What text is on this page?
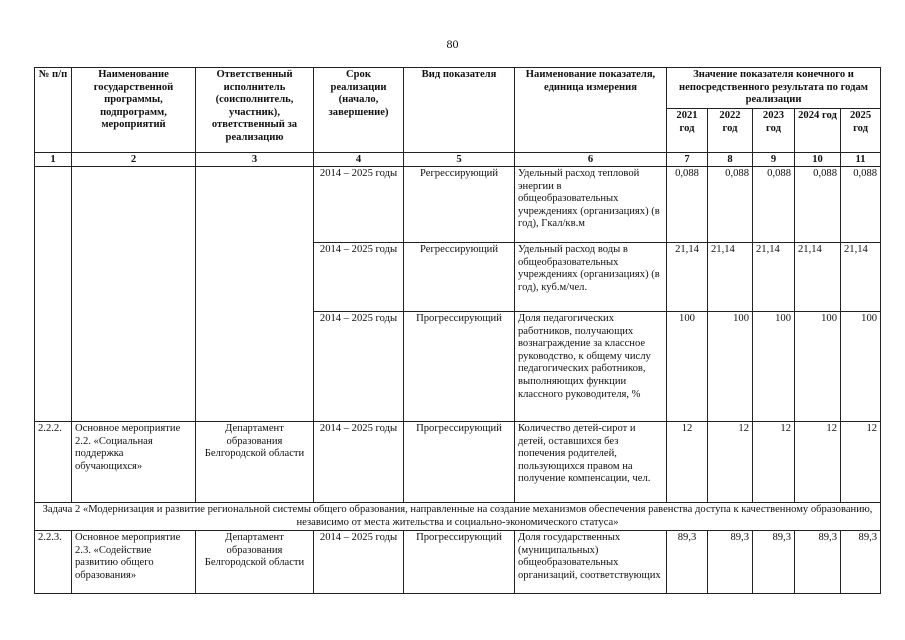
80
№ п/п	Наименование государственной программы, подпрограмм, мероприятий	Ответственный исполнитель (соисполнитель, участник), ответственный за реализацию	Срок реализации (начало, завершение)	Вид показателя	Наименование показателя, единица измерения	Значение показателя конечного и непосредственного результата по годам реализации				
						2021 год	2022 год	2023 год	2024 год	2025 год
1	2	3	4	5	6	7	8	9	10	11
			2014 – 2025 годы	Регрессирующий	Удельный расход тепловой энергии в общеобразовательных учреждениях (организациях) (в год), Гкал/кв.м	0,088	0,088	0,088	0,088	0,088
			2014 – 2025 годы	Регрессирующий	Удельный расход воды в общеобразовательных учреждениях (организациях) (в год), куб.м/чел.	21,14	21,14	21,14	21,14	21,14
			2014 – 2025 годы	Прогрессирующий	Доля педагогических работников, получающих вознаграждение за классное руководство, к общему числу педагогических работников, выполняющих функции классного руководителя, %	100	100	100	100	100
2.2.2.	Основное мероприятие 2.2. «Социальная поддержка обучающихся»	Департамент образования Белгородской области	2014 – 2025 годы	Прогрессирующий	Количество детей-сирот и детей, оставшихся без попечения родителей, пользующихся правом на получение компенсации, чел.	12	12	12	12	12
Задача 2 «Модернизация и развитие региональной системы общего образования, направленные на создание механизмов обеспечения равенства доступа к качественному образованию, независимо от места жительства и социально-экономического статуса»										
2.2.3.	Основное мероприятие 2.3. «Содействие развитию общего образования»	Департамент образования Белгородской области	2014 – 2025 годы	Прогрессирующий	Доля государственных (муниципальных) общеобразовательных организаций, соответствующих	89,3	89,3	89,3	89,3	89,3
